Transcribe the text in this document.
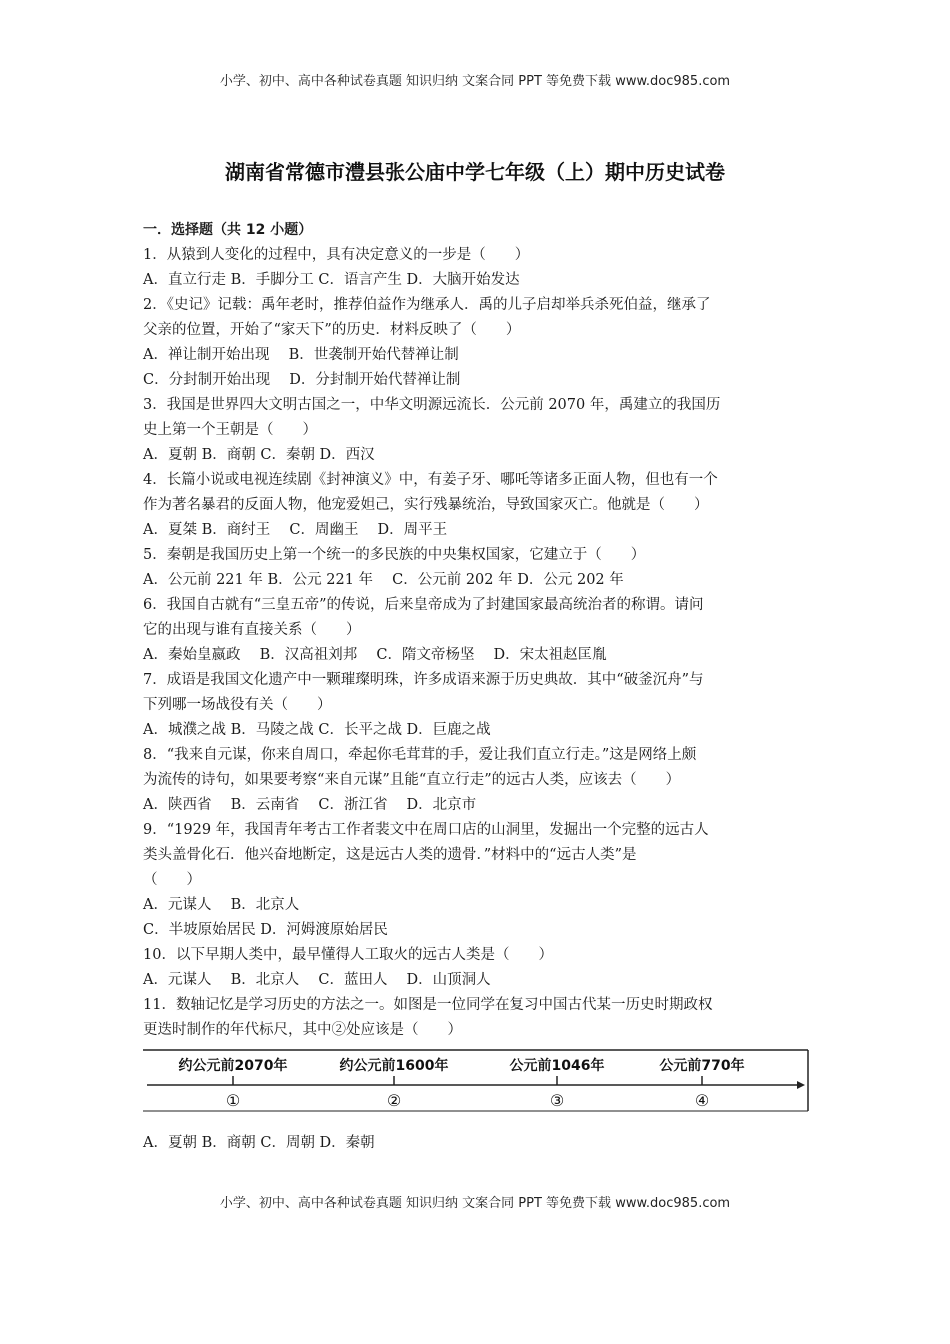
小学、初中、高中各种试卷真题 知识归纳 文案合同 PPT 等免费下载 www.doc985.com
湖南省常德市澧县张公庙中学七年级（上）期中历史试卷
一．选择题（共 12 小题）
1．从猿到人变化的过程中，具有决定意义的一步是（　　）
A．直立行走 B．手脚分工 C．语言产生 D．大脑开始发达
2．《史记》记载：禹年老时，推荐伯益作为继承人．禹的儿子启却举兵杀死伯益，继承了
父亲的位置，开始了“家天下”的历史．材料反映了（　　）
A．禅让制开始出现　 B．世袭制开始代替禅让制
C．分封制开始出现　 D．分封制开始代替禅让制
3．我国是世界四大文明古国之一，中华文明源远流长．公元前 2070 年，禹建立的我国历
史上第一个王朝是（　　）
A．夏朝 B．商朝 C．秦朝 D．西汉
4．长篇小说或电视连续剧《封神演义》中，有姜子牙、哪吒等诸多正面人物，但也有一个
作为著名暴君的反面人物，他宠爱妲己，实行残暴统治，导致国家灭亡。他就是（　　）
A．夏桀 B．商纣王　 C．周幽王　 D．周平王
5．秦朝是我国历史上第一个统一的多民族的中央集权国家，它建立于（　　）
A．公元前 221 年 B．公元 221 年　 C．公元前 202 年 D．公元 202 年
6．我国自古就有“三皇五帝”的传说，后来皇帝成为了封建国家最高统治者的称谓。请问
它的出现与谁有直接关系（　　）
A．秦始皇嬴政　 B．汉高祖刘邦　 C．隋文帝杨坚　 D．宋太祖赵匡胤
7．成语是我国文化遗产中一颗璀璨明珠，许多成语来源于历史典故．其中“破釜沉舟”与
下列哪一场战役有关（　　）
A．城濮之战 B．马陵之战 C．长平之战 D．巨鹿之战
8．“我来自元谋，你来自周口，牵起你毛茸茸的手，爱让我们直立行走。”这是网络上颇
为流传的诗句，如果要考察“来自元谋”且能“直立行走”的远古人类，应该去（　　）
A．陕西省　 B．云南省　 C．浙江省　 D．北京市
9．“1929 年，我国青年考古工作者裴文中在周口店的山洞里，发掘出一个完整的远古人
类头盖骨化石．他兴奋地断定，这是远古人类的遗骨．”材料中的“远古人类”是
（　　）
A．元谋人　 B．北京人
C．半坡原始居民 D．河姆渡原始居民
10．以下早期人类中，最早懂得人工取火的远古人类是（　　）
A．元谋人　 B．北京人　 C．蓝田人　 D．山顶洞人
11．数轴记忆是学习历史的方法之一。如图是一位同学在复习中国古代某一历史时期政权
更迭时制作的年代标尺，其中②处应该是（　　）
约公元前2070年	约公元前1600年	公元前1046年	公元前770年
①	②	③	④
A．夏朝 B．商朝 C．周朝 D．秦朝
小学、初中、高中各种试卷真题 知识归纳 文案合同 PPT 等免费下载 www.doc985.com
